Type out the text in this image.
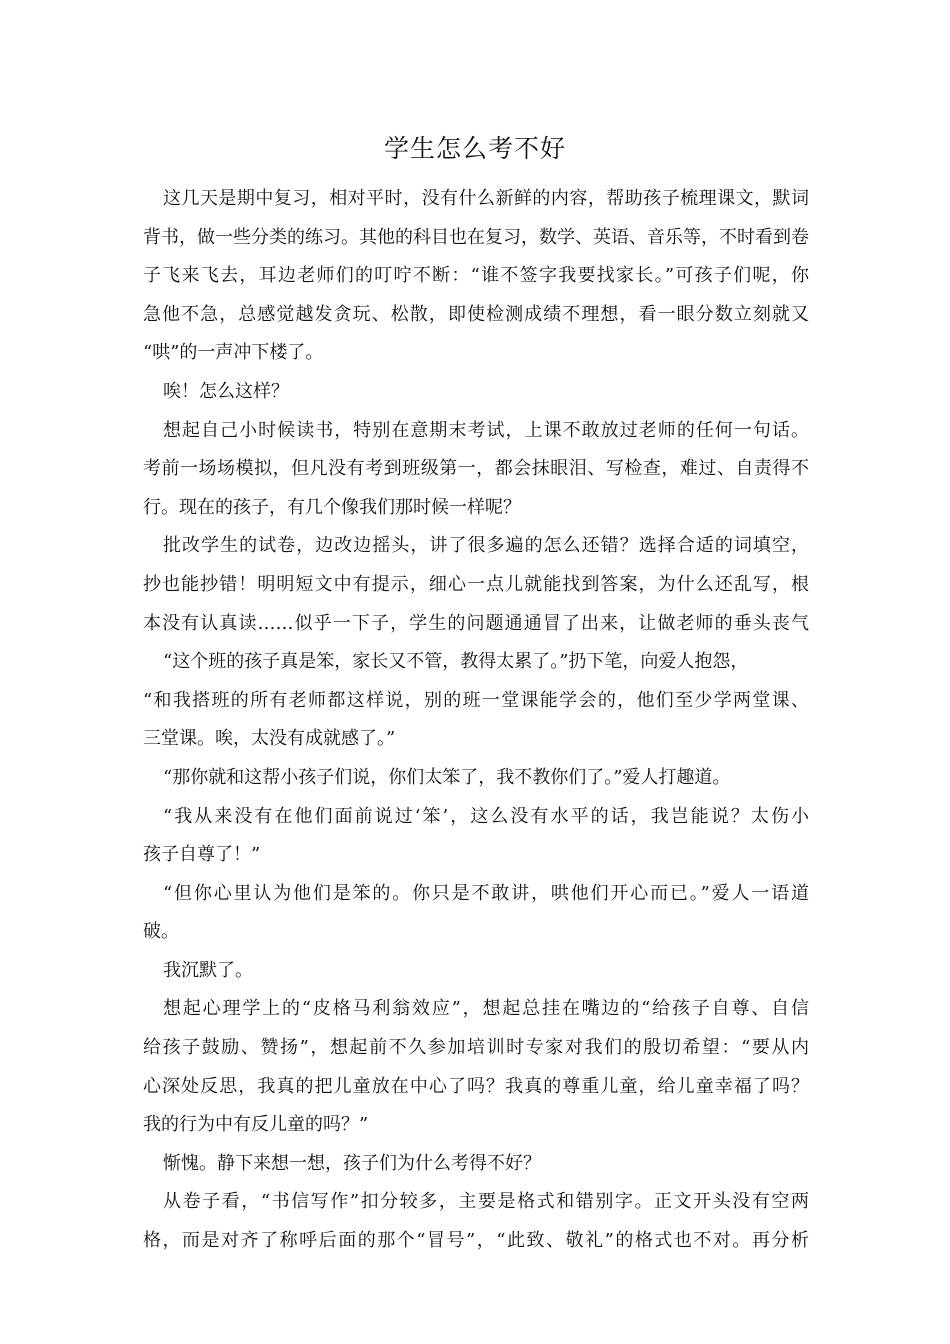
学生怎么考不好
这几天是期中复习，相对平时，没有什么新鲜的内容，帮助孩子梳理课文，默词
背书，做一些分类的练习。其他的科目也在复习，数学、英语、音乐等，不时看到卷
子飞来飞去，耳边老师们的叮咛不断：“谁不签字我要找家长。”可孩子们呢，你
急他不急，总感觉越发贪玩、松散，即使检测成绩不理想，看一眼分数立刻就又
“哄”的一声冲下楼了。
唉！怎么这样？
想起自己小时候读书，特别在意期末考试，上课不敢放过老师的任何一句话。
考前一场场模拟，但凡没有考到班级第一，都会抹眼泪、写检查，难过、自责得不
行。现在的孩子，有几个像我们那时候一样呢？
批改学生的试卷，边改边摇头，讲了很多遍的怎么还错？选择合适的词填空，
抄也能抄错！明明短文中有提示，细心一点儿就能找到答案，为什么还乱写，根
本没有认真读……似乎一下子，学生的问题通通冒了出来，让做老师的垂头丧气
“这个班的孩子真是笨，家长又不管，教得太累了。”扔下笔，向爱人抱怨，
“和我搭班的所有老师都这样说，别的班一堂课能学会的，他们至少学两堂课、
三堂课。唉，太没有成就感了。”
“那你就和这帮小孩子们说，你们太笨了，我不教你们了。”爱人打趣道。
“我从来没有在他们面前说过‘笨’，这么没有水平的话，我岂能说？太伤小
孩子自尊了！”
“但你心里认为他们是笨的。你只是不敢讲，哄他们开心而已。”爱人一语道
破。
我沉默了。
想起心理学上的“皮格马利翁效应”，想起总挂在嘴边的“给孩子自尊、自信
给孩子鼓励、赞扬”，想起前不久参加培训时专家对我们的殷切希望：“要从内
心深处反思，我真的把儿童放在中心了吗？我真的尊重儿童，给儿童幸福了吗？
我的行为中有反儿童的吗？”
惭愧。静下来想一想，孩子们为什么考得不好？
从卷子看，“书信写作”扣分较多，主要是格式和错别字。正文开头没有空两
格，而是对齐了称呼后面的那个“冒号”，“此致、敬礼”的格式也不对。再分析
